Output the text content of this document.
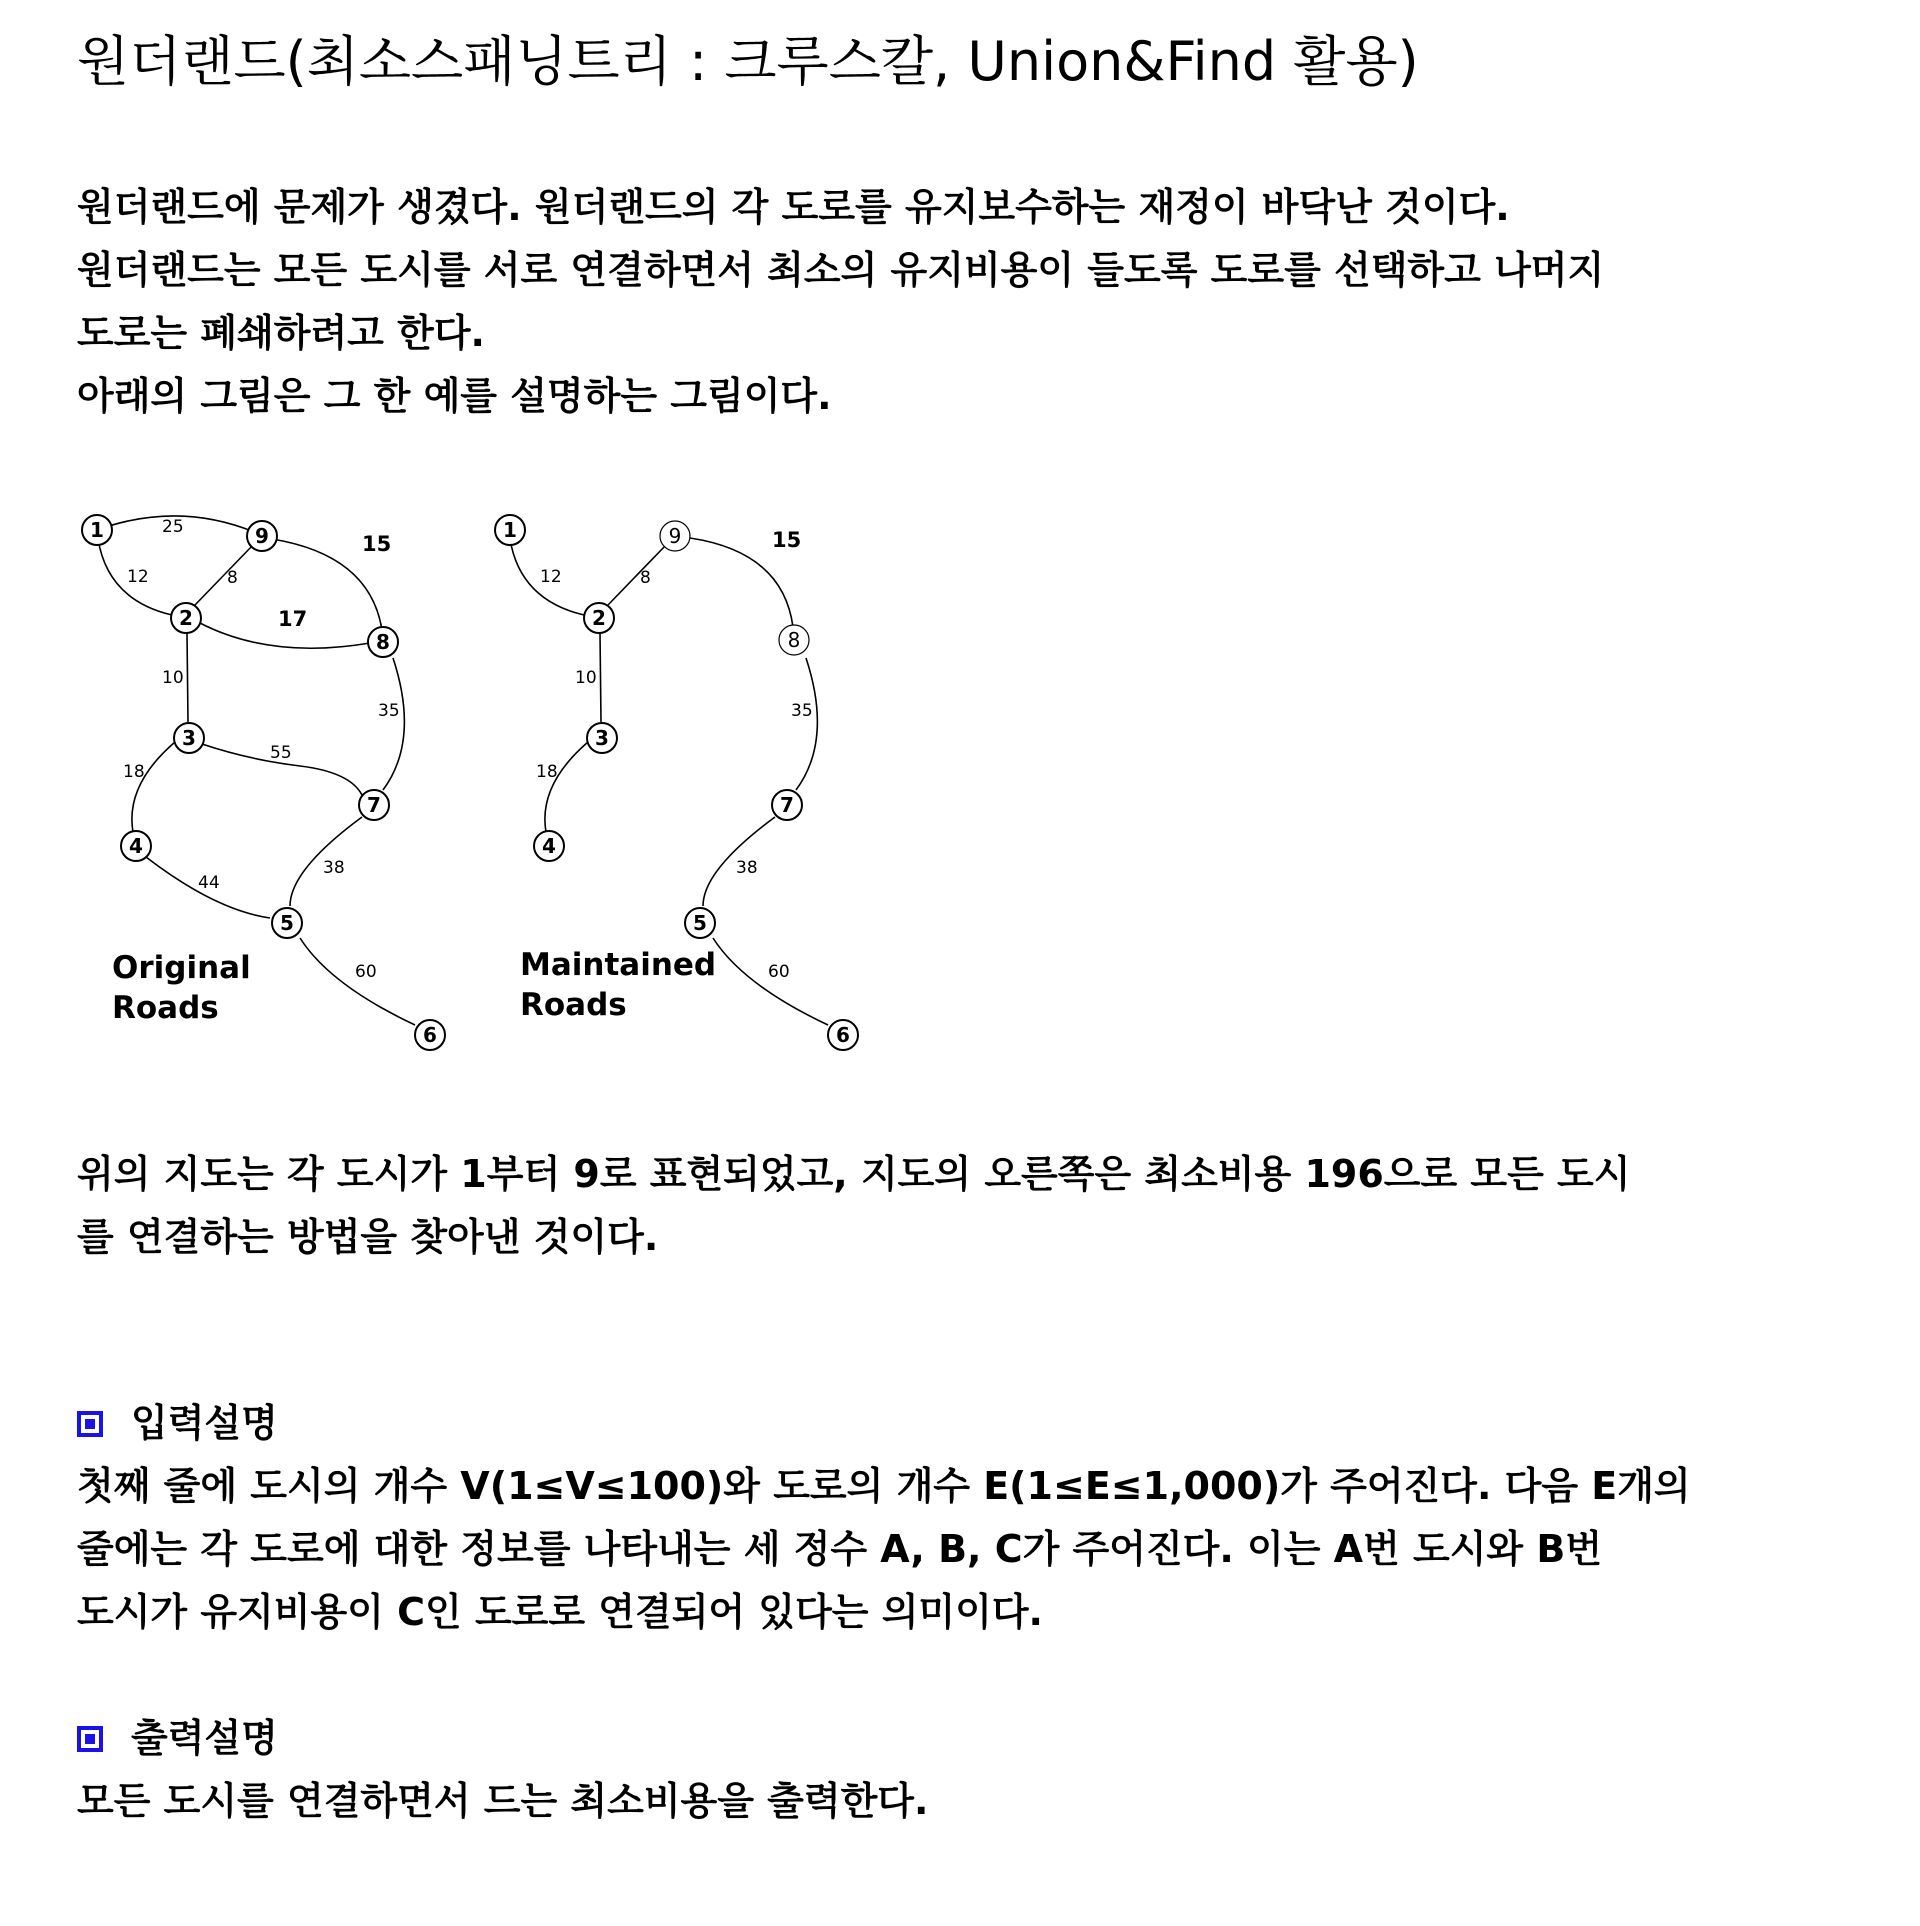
원더랜드(최소스패닝트리 : 크루스칼, Union&Find 활용)
원더랜드에 문제가 생겼다. 원더랜드의 각 도로를 유지보수하는 재정이 바닥난 것이다.
원더랜드는 모든 도시를 서로 연결하면서 최소의 유지비용이 들도록 도로를 선택하고 나머지
도로는 폐쇄하려고 한다.
아래의 그림은 그 한 예를 설명하는 그림이다.
25
12	8
15
17
10
35
55
18
44
38
60
1	9
2
8
3
7
4
5
6
Original
Roads
12	8
15
10
35
18
38
60
1	9
2
8
3
7
4
5
6
Maintained
Roads
위의 지도는 각 도시가 1부터 9로 표현되었고, 지도의 오른쪽은 최소비용 196으로 모든 도시
를 연결하는 방법을 찾아낸 것이다.
입력설명
첫째 줄에 도시의 개수 V(1≤V≤100)와 도로의 개수 E(1≤E≤1,000)가 주어진다. 다음 E개의
줄에는 각 도로에 대한 정보를 나타내는 세 정수 A, B, C가 주어진다. 이는 A번 도시와 B번
도시가 유지비용이 C인 도로로 연결되어 있다는 의미이다.
출력설명
모든 도시를 연결하면서 드는 최소비용을 출력한다.
